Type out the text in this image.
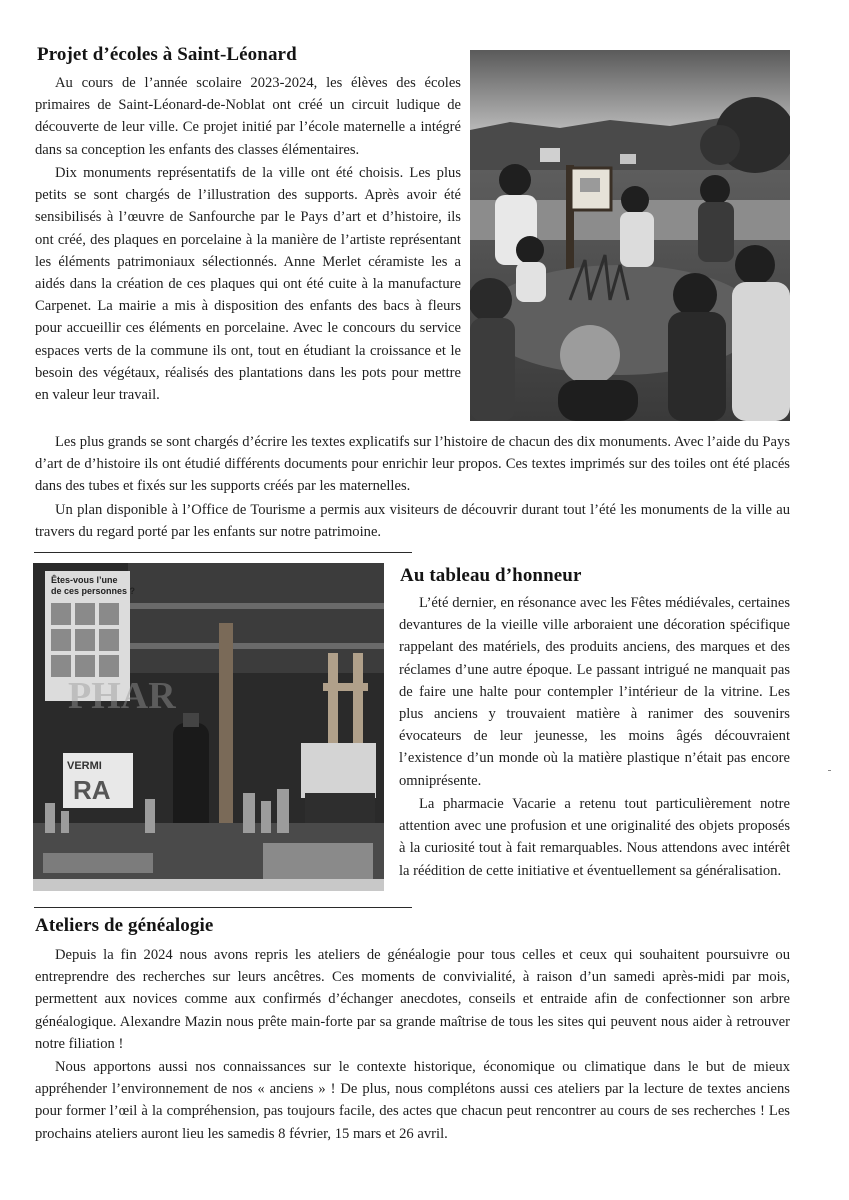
Projet d’écoles à Saint-Léonard

Au cours de l’année scolaire 2023-2024, les élèves des écoles primaires de Saint-Léonard-de-Noblat ont créé un circuit ludique de découverte de leur ville. Ce projet initié par l’école maternelle a intégré dans sa conception les enfants des classes élémentaires.

Dix monuments représentatifs de la ville ont été choisis. Les plus petits se sont chargés de l’illustration des supports. Après avoir été sensibilisés à l’œuvre de Sanfourche par le Pays d’art et d’histoire, ils ont créé, des plaques en porcelaine à la manière de l’artiste représentant les éléments patrimoniaux sélectionnés. Anne Merlet céramiste les a aidés dans la création de ces plaques qui ont été cuite à la manufacture Carpenet. La mairie a mis à disposition des enfants des bacs à fleurs pour accueillir ces éléments en porcelaine. Avec le concours du service espaces verts de la commune ils ont, tout en étudiant la croissance et le besoin des végétaux, réalisés des plantations dans les pots pour mettre en valeur leur travail.

Les plus grands se sont chargés d’écrire les textes explicatifs sur l’histoire de chacun des dix monuments. Avec l’aide du Pays d’art de d’histoire ils ont étudié différents documents pour enrichir leur propos. Ces textes imprimés sur des toiles ont été placés dans des tubes et fixés sur les supports créés par les maternelles.

Un plan disponible à l’Office de Tourisme a permis aux visiteurs de découvrir durant tout l’été les monuments de la ville au travers du regard porté par les enfants sur notre patrimoine.

Êtes-vous l’une
de ces personnes ?
PHAR
VERMI
RA
Au tableau d’honneur

L’été dernier, en résonance avec les Fêtes médiévales, certaines devantures de la vieille ville arboraient une décoration spécifique rappelant des matériels, des produits anciens, des marques et des réclames d’une autre époque. Le passant intrigué ne manquait pas de faire une halte pour contempler l’intérieur de la vitrine. Les plus anciens y trouvaient matière à ranimer des souvenirs évocateurs de leur jeunesse, les moins âgés découvraient l’existence d’un monde où la matière plastique n’était pas encore omniprésente.

La pharmacie Vacarie a retenu tout particulièrement notre attention avec une profusion et une originalité des objets proposés à la curiosité tout à fait remarquables. Nous attendons avec intérêt la réédition de cette initiative et éventuellement sa généralisation.

Ateliers de généalogie

Depuis la fin 2024 nous avons repris les ateliers de généalogie pour tous celles et ceux qui souhaitent poursuivre ou entreprendre des recherches sur leurs ancêtres. Ces moments de convivialité, à raison d’un samedi après-midi par mois, permettent aux novices comme aux confirmés d’échanger anecdotes, conseils et entraide afin de confectionner son arbre généalogique. Alexandre Mazin nous prête main-forte par sa grande maîtrise de tous les sites qui peuvent nous aider à retrouver notre filiation !

Nous apportons aussi nos connaissances sur le contexte historique, économique ou climatique dans le but de mieux appréhender l’environnement de nos « anciens » ! De plus, nous complétons aussi ces ateliers par la lecture de textes anciens pour former l’œil à la compréhension, pas toujours facile, des actes que chacun peut rencontrer au cours de ses recherches ! Les prochains ateliers auront lieu les samedis 8 février, 15 mars et 26 avril.
